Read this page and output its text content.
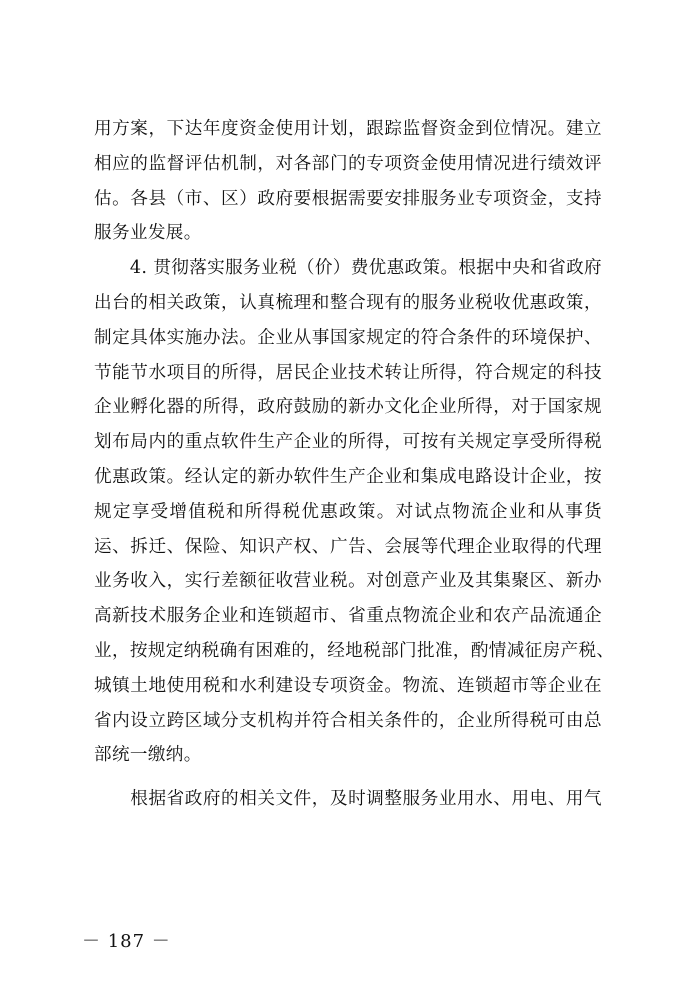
用方案，下达年度资金使用计划，跟踪监督资金到位情况。建立
相应的监督评估机制，对各部门的专项资金使用情况进行绩效评
估。各县（市、区）政府要根据需要安排服务业专项资金，支持
服务业发展。
　　4. 贯彻落实服务业税（价）费优惠政策。根据中央和省政府
出台的相关政策，认真梳理和整合现有的服务业税收优惠政策，
制定具体实施办法。企业从事国家规定的符合条件的环境保护、
节能节水项目的所得，居民企业技术转让所得，符合规定的科技
企业孵化器的所得，政府鼓励的新办文化企业所得，对于国家规
划布局内的重点软件生产企业的所得，可按有关规定享受所得税
优惠政策。经认定的新办软件生产企业和集成电路设计企业，按
规定享受增值税和所得税优惠政策。对试点物流企业和从事货
运、拆迁、保险、知识产权、广告、会展等代理企业取得的代理
业务收入，实行差额征收营业税。对创意产业及其集聚区、新办
高新技术服务企业和连锁超市、省重点物流企业和农产品流通企
业，按规定纳税确有困难的，经地税部门批准，酌情减征房产税、
城镇土地使用税和水利建设专项资金。物流、连锁超市等企业在
省内设立跨区域分支机构并符合相关条件的，企业所得税可由总
部统一缴纳。
　　根据省政府的相关文件，及时调整服务业用水、用电、用气
－ 187 －
